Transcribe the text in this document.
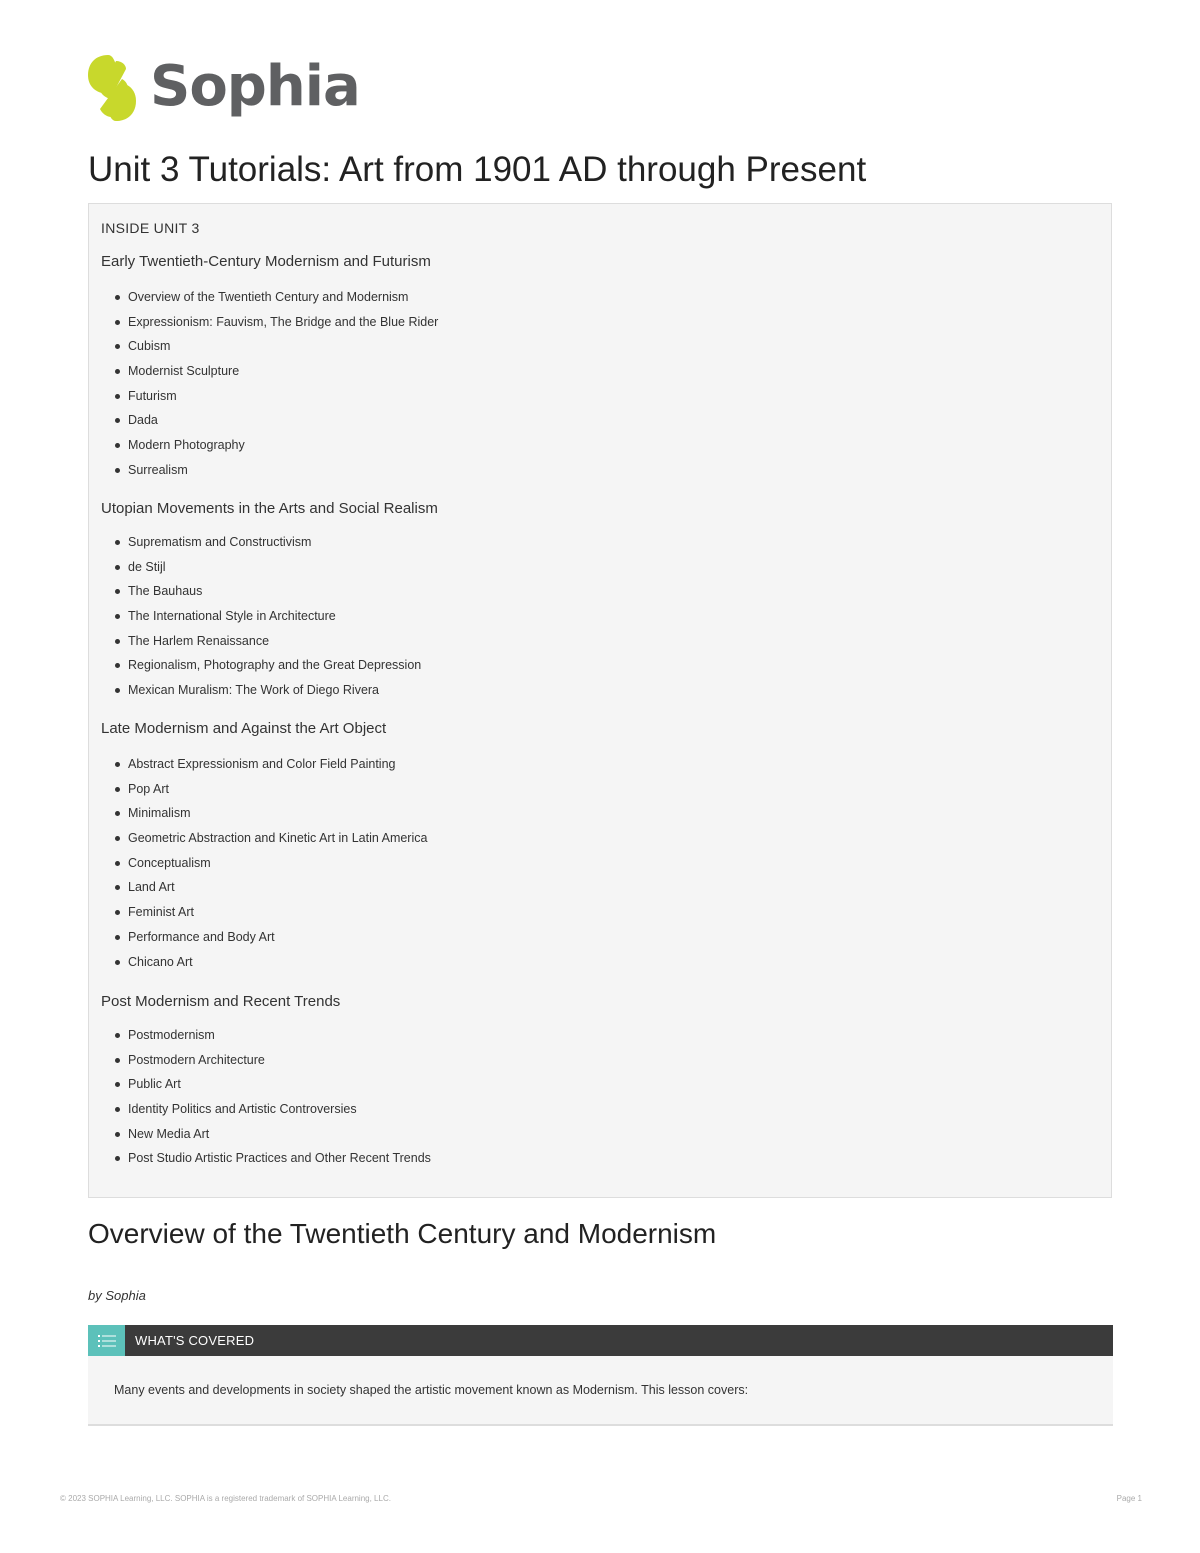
Sophia
Unit 3 Tutorials: Art from 1901 AD through Present
INSIDE UNIT 3
Early Twentieth-Century Modernism and Futurism
Overview of the Twentieth Century and Modernism
Expressionism: Fauvism, The Bridge and the Blue Rider
Cubism
Modernist Sculpture
Futurism
Dada
Modern Photography
Surrealism
Utopian Movements in the Arts and Social Realism
Suprematism and Constructivism
de Stijl
The Bauhaus
The International Style in Architecture
The Harlem Renaissance
Regionalism, Photography and the Great Depression
Mexican Muralism: The Work of Diego Rivera
Late Modernism and Against the Art Object
Abstract Expressionism and Color Field Painting
Pop Art
Minimalism
Geometric Abstraction and Kinetic Art in Latin America
Conceptualism
Land Art
Feminist Art
Performance and Body Art
Chicano Art
Post Modernism and Recent Trends
Postmodernism
Postmodern Architecture
Public Art
Identity Politics and Artistic Controversies
New Media Art
Post Studio Artistic Practices and Other Recent Trends
Overview of the Twentieth Century and Modernism
by Sophia
WHAT'S COVERED
Many events and developments in society shaped the artistic movement known as Modernism. This lesson covers:
© 2023 SOPHIA Learning, LLC. SOPHIA is a registered trademark of SOPHIA Learning, LLC.	Page 1
